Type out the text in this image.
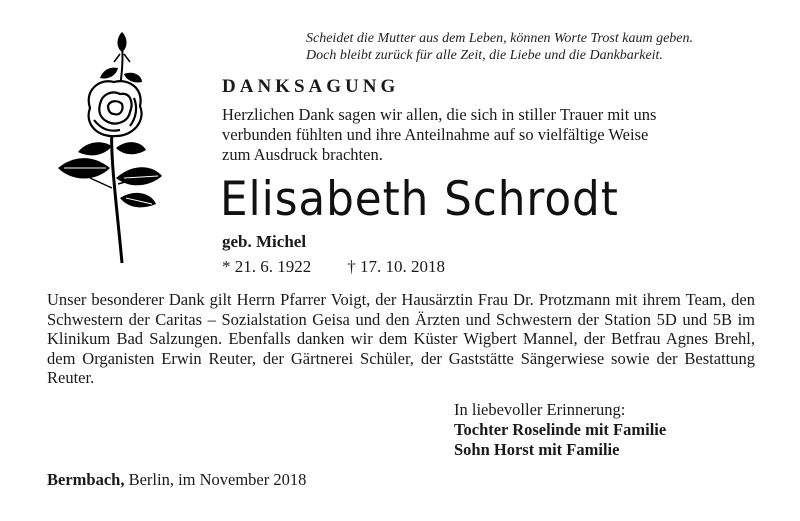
Scheidet die Mutter aus dem Leben, können Worte Trost kaum geben.
Doch bleibt zurück für alle Zeit, die Liebe und die Dankbarkeit.
DANKSAGUNG
Herzlichen Dank sagen wir allen, die sich in stiller Trauer mit uns
verbunden fühlten und ihre Anteilnahme auf so vielfältige Weise
zum Ausdruck brachten.
Elisabeth Schrodt
geb. Michel
* 21. 6. 1922 † 17. 10. 2018
Unser besonderer Dank gilt Herrn Pfarrer Voigt, der Hausärztin Frau Dr. Protzmann mit ihrem Team, den Schwestern der Caritas – Sozialstation Geisa und den Ärzten und Schwestern der Station 5D und 5B im Klinikum Bad Salzungen. Ebenfalls danken wir dem Küster Wigbert Mannel, der Betfrau Agnes Brehl, dem Organisten Erwin Reuter, der Gärtnerei Schüler, der Gaststätte Sängerwiese sowie der Bestattung Reuter.
In liebevoller Erinnerung:
Tochter Roselinde mit Familie
Sohn Horst mit Familie
Bermbach, Berlin, im November 2018
